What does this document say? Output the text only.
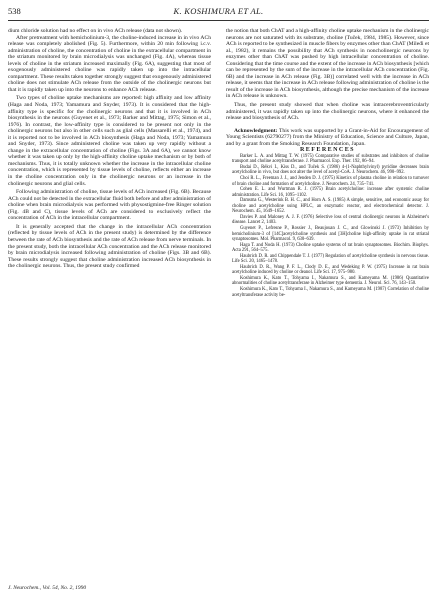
538	K. KOSHIMURA ET AL.

dium chloride solution had no effect on in vivo ACh release (data not shown).

After pretreatment with hemicholinium-3, the choline-induced increase in in vivo ACh release was completely abolished (Fig. 5). Furthermore, within 20 min following i.c.v. administration of choline, the concentration of choline in the extracellular compartment in the striatum monitored by brain microdialysis was unchanged (Fig. 4A), whereas tissue levels of choline in the striatum increased maximally (Fig. 6A), suggesting that most of exogenously administered choline was rapidly taken up into the intracellular compartment. These results taken together strongly suggest that exogenously administered choline does not stimulate ACh release from the outside of the cholinergic neurons but that it is rapidly taken up into the neurons to enhance ACh release.

Two types of choline uptake mechanisms are reported: high affinity and low affinity (Haga and Noda, 1973; Yamamura and Snyder, 1973). It is considered that the high-affinity type is specific for the cholinergic neurons and that it is involved in ACh biosynthesis in the neurons (Guyenet et al., 1973; Barker and Mittag, 1975; Simon et al., 1976). In contrast, the low-affinity type is considered to be present not only in the cholinergic neurons but also in other cells such as glial cells (Massarelli et al., 1974), and it is reported not to be involved in ACh biosynthesis (Haga and Noda, 1973; Yamamura and Snyder, 1973). Since administered choline was taken up very rapidly without a change in the extracellular concentration of choline (Figs. 3A and 6A), we cannot know whether it was taken up only by the high-affinity choline uptake mechanism or by both of mechanisms. Thus, it is totally unknown whether the increase in the intracellular choline concentration, which is represented by tissue levels of choline, reflects either an increase in the choline concentration only in the cholinergic neurons or an increase in the cholinergic neurons and glial cells.

Following administration of choline, tissue levels of ACh increased (Fig. 6B). Because ACh could not be detected in the extracellular fluid both before and after administration of choline when brain microdialysis was performed with physostigmine-free Ringer solution (Fig. 4B and C), tissue levels of ACh are considered to exclusively reflect the concentration of ACh in the intracellular compartment.

It is generally accepted that the change in the intracellular ACh concentration (reflected by tissue levels of ACh in the present study) is determined by the difference between the rate of ACh biosynthesis and the rate of ACh release from nerve terminals. In the present study, both the intracellular ACh concentration and the ACh release monitored by brain microdialysis increased following administration of choline (Figs. 3B and 6B). These results strongly suggest that choline administration increased ACh biosynthesis in the cholinergic neurons. Thus, the present study confirmed

the notion that both ChAT and a high-affinity choline uptake mechanism in the cholinergic neurons are not saturated with its substrate, choline (Tuček, 1984, 1985). However, since ACh is reported to be synthesized in muscle fibers by enzymes other than ChAT (Mileđi et al., 1982), it remains the possibility that ACh synthesis in noncholinergic neurons by enzymes other than ChAT was pushed by high intracellular concentration of choline. Considering that the time course and the extent of the increase in ACh biosynthesis [which can be represented by the sum of the increase in the intracellular ACh concentration (Fig. 6B) and the increase in ACh release (Fig. 3B)] correlated well with the increase in ACh release, it seems that the increase in ACh release following administration of choline is the result of the increase in ACh biosynthesis, although the precise mechanism of the increase in ACh release is unknown.

Thus, the present study showed that when choline was intracerebroventricularly administered, it was rapidly taken up into the cholinergic neurons, where it enhanced the release and biosynthesis of ACh.

Acknowledgment: This work was supported by a Grant-in-Aid for Encouragement of Young Scientists (62790277) from the Ministry of Education, Science and Culture, Japan, and by a grant from the Smoking Research Foundation, Japan.

REFERENCES

Barker L. A. and Mittag T. W. (1975) Comparative studies of substrates and inhibitors of choline transport and choline acetyltransferase. J. Pharmacol. Exp. Ther. 192, 86–94.

Budai D., Rékvi I., Kiss D., and Tuček S. (1986) 4-(1-Naphthylvinyl) pyridine decreases brain acetylcholine in vivo, but does not alter the level of acetyl-CoA. J. Neurochem. 46, 990–992.

Choi R. L., Freeman J. J., and Jenden D. J. (1975) Kinetics of plasma choline in relation to turnover of brain choline and formation of acetylcholine. J. Neurochem. 24, 735–741.

Cohen E. L. and Wurtman R. J. (1975) Brain acetylcholine: increase after systemic choline administration. Life Sci. 16, 1095–1102.

Damsma G., Westerink B. H. C., and Horn A. S. (1985) A simple, sensitive, and economic assay for choline and acetylcholine using HPLC, an enzymatic reactor, and electrochemical detector. J. Neurochem. 45, 1649–1652.

Davies P. and Maloney A. J. F. (1976) Selective loss of central cholinergic neurons in Alzheimer's disease. Lancet 2, 1403.

Guyenet P., Lefresne P., Rossier J., Beaujouan J. C., and Glowinski J. (1973) Inhibition by hemicholinium-3 of [14C]acetylcholine synthesis and [3H]choline high-affinity uptake in rat striatal synaptosomes. Mol. Pharmacol. 9, 630–639.

Haga T. and Noda H. (1973) Choline uptake systems of rat brain synaptosomes. Biochim. Biophys. Acta 291, 564–575.

Haubrich D. R. and Chippendale T. J. (1977) Regulation of acetylcholine synthesis in nervous tissue. Life Sci. 20, 1465–1478.

Haubrich D. R., Wang P. F. L., Clody D. E., and Wedeking P. W. (1975) Increase in rat brain acetylcholine induced by choline or deanol. Life Sci. 17, 975–980.

Koshimura K., Kato T., Tohyama I., Nakamura S., and Kameyama M. (1986) Quantitative abnormalities of choline acetyltransferase in Alzheimer type dementia. J. Neurol. Sci. 76, 143–150.

Koshimura K., Kato T., Tohyama I., Nakamura S., and Kameyama M. (1987) Correlation of choline acetyltransferase activity be-

J. Neurochem., Vol. 54, No. 2, 1990
